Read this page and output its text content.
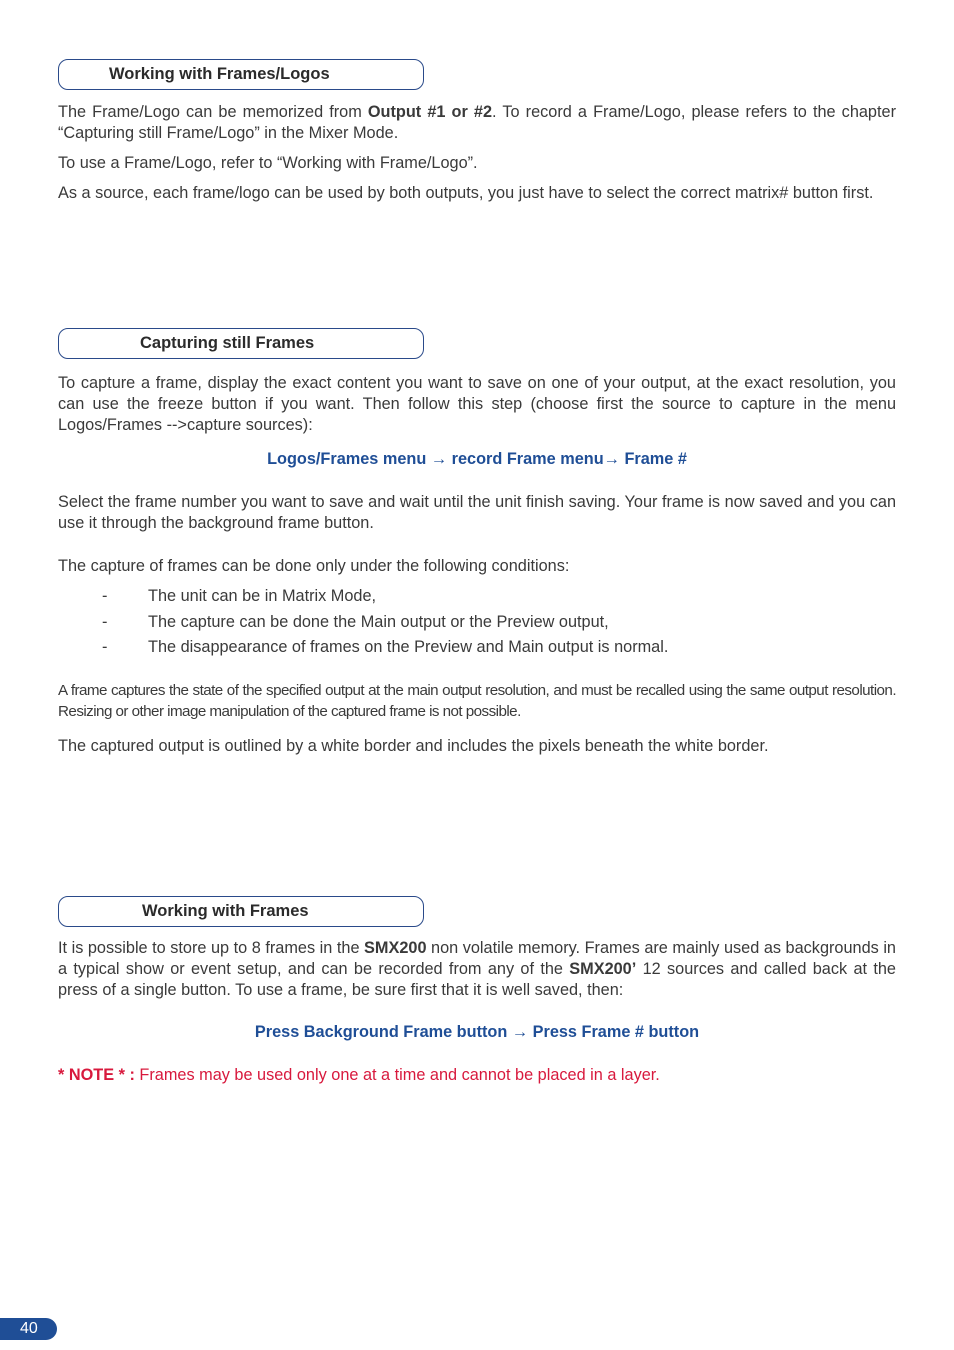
Working with Frames/Logos

The Frame/Logo can be memorized from Output #1 or #2. To record a Frame/Logo, please refers to the chapter “Capturing still Frame/Logo” in the Mixer Mode.

To use a Frame/Logo, refer to “Working with Frame/Logo”.

As a source, each frame/logo can be used by both outputs, you just have to select the correct matrix# button first.

Capturing still Frames

To capture a frame, display the exact content you want to save on one of your output, at the exact resolution, you can use the freeze button if you want. Then follow this step (choose first the source to capture in the menu Logos/Frames -->capture sources):

Logos/Frames menu → record Frame menu→ Frame #

Select the frame number you want to save and wait until the unit finish saving. Your frame is now saved and you can use it through the background frame button.

The capture of frames can be done only under the following conditions:

- The unit can be in Matrix Mode,
- The capture can be done the Main output or the Preview output,
- The disappearance of frames on the Preview and Main output is normal.

A frame captures the state of the specified output at the main output resolution, and must be recalled using the same output resolution. Resizing or other image manipulation of the captured frame is not possible.

The captured output is outlined by a white border and includes the pixels beneath the white border.

Working with Frames

It is possible to store up to 8 frames in the SMX200 non volatile memory. Frames are mainly used as backgrounds in a typical show or event setup, and can be recorded from any of the SMX200’ 12 sources and called back at the press of a single button. To use a frame, be sure first that it is well saved, then:

Press Background Frame button → Press Frame # button

* NOTE * : Frames may be used only one at a time and cannot be placed in a layer.

40
